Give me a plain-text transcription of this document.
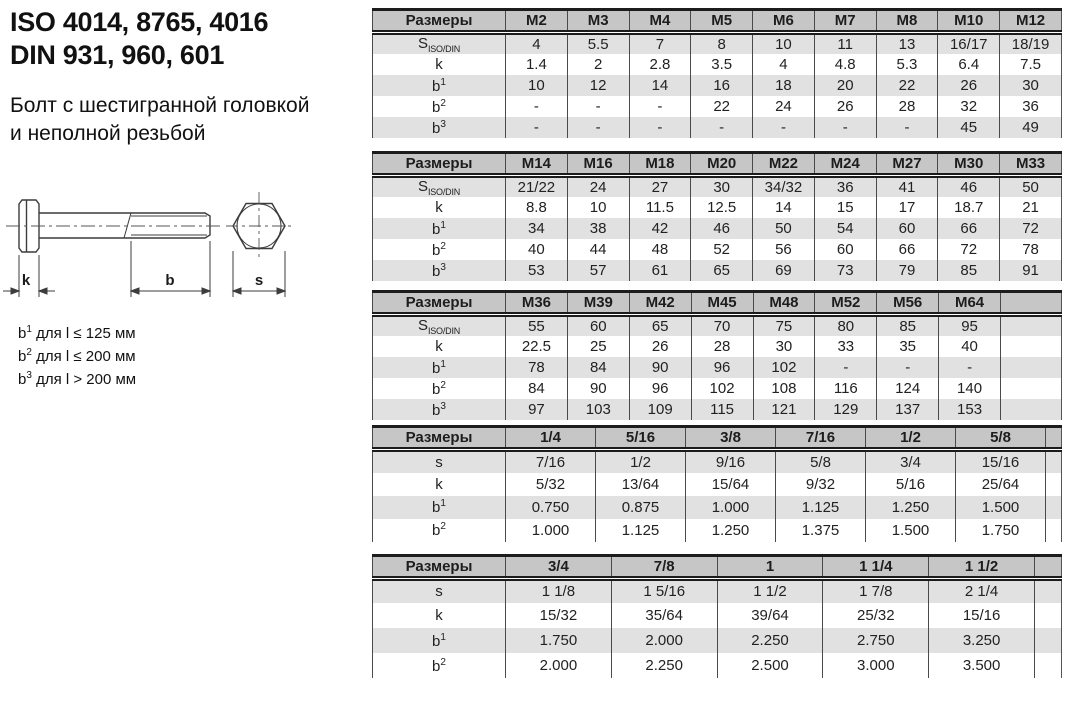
ISO 4014, 8765, 4016
DIN 931, 960, 601
Болт с шестигранной головкой
и неполной резьбой
k	b	s
$b^1$ для l ≤ 125 мм
$b^2$ для l ≤ 200 мм
$b^3$ для l > 200 мм
Размеры	M2	M3	M4	M5	M6	M7	M8	M10	M12
$S_{ISO/DIN}$	4	5.5	7	8	10	11	13	16/17	18/19
k	1.4	2	2.8	3.5	4	4.8	5.3	6.4	7.5
$b^1$	10	12	14	16	18	20	22	26	30
$b^2$	-	-	-	22	24	26	28	32	36
$b^3$	-	-	-	-	-	-	-	45	49
Размеры	M14	M16	M18	M20	M22	M24	M27	M30	M33
$S_{ISO/DIN}$	21/22	24	27	30	34/32	36	41	46	50
k	8.8	10	11.5	12.5	14	15	17	18.7	21
$b^1$	34	38	42	46	50	54	60	66	72
$b^2$	40	44	48	52	56	60	66	72	78
$b^3$	53	57	61	65	69	73	79	85	91
Размеры	M36	M39	M42	M45	M48	M52	M56	M64	
$S_{ISO/DIN}$	55	60	65	70	75	80	85	95	
k	22.5	25	26	28	30	33	35	40	
$b^1$	78	84	90	96	102	-	-	-	
$b^2$	84	90	96	102	108	116	124	140	
$b^3$	97	103	109	115	121	129	137	153	
Размеры	1/4	5/16	3/8	7/16	1/2	5/8	
s	7/16	1/2	9/16	5/8	3/4	15/16	
k	5/32	13/64	15/64	9/32	5/16	25/64	
$b^1$	0.750	0.875	1.000	1.125	1.250	1.500	
$b^2$	1.000	1.125	1.250	1.375	1.500	1.750	
Размеры	3/4	7/8	1	1 1/4	1 1/2	
s	1 1/8	1 5/16	1 1/2	1 7/8	2 1/4	
k	15/32	35/64	39/64	25/32	15/16	
$b^1$	1.750	2.000	2.250	2.750	3.250	
$b^2$	2.000	2.250	2.500	3.000	3.500	
